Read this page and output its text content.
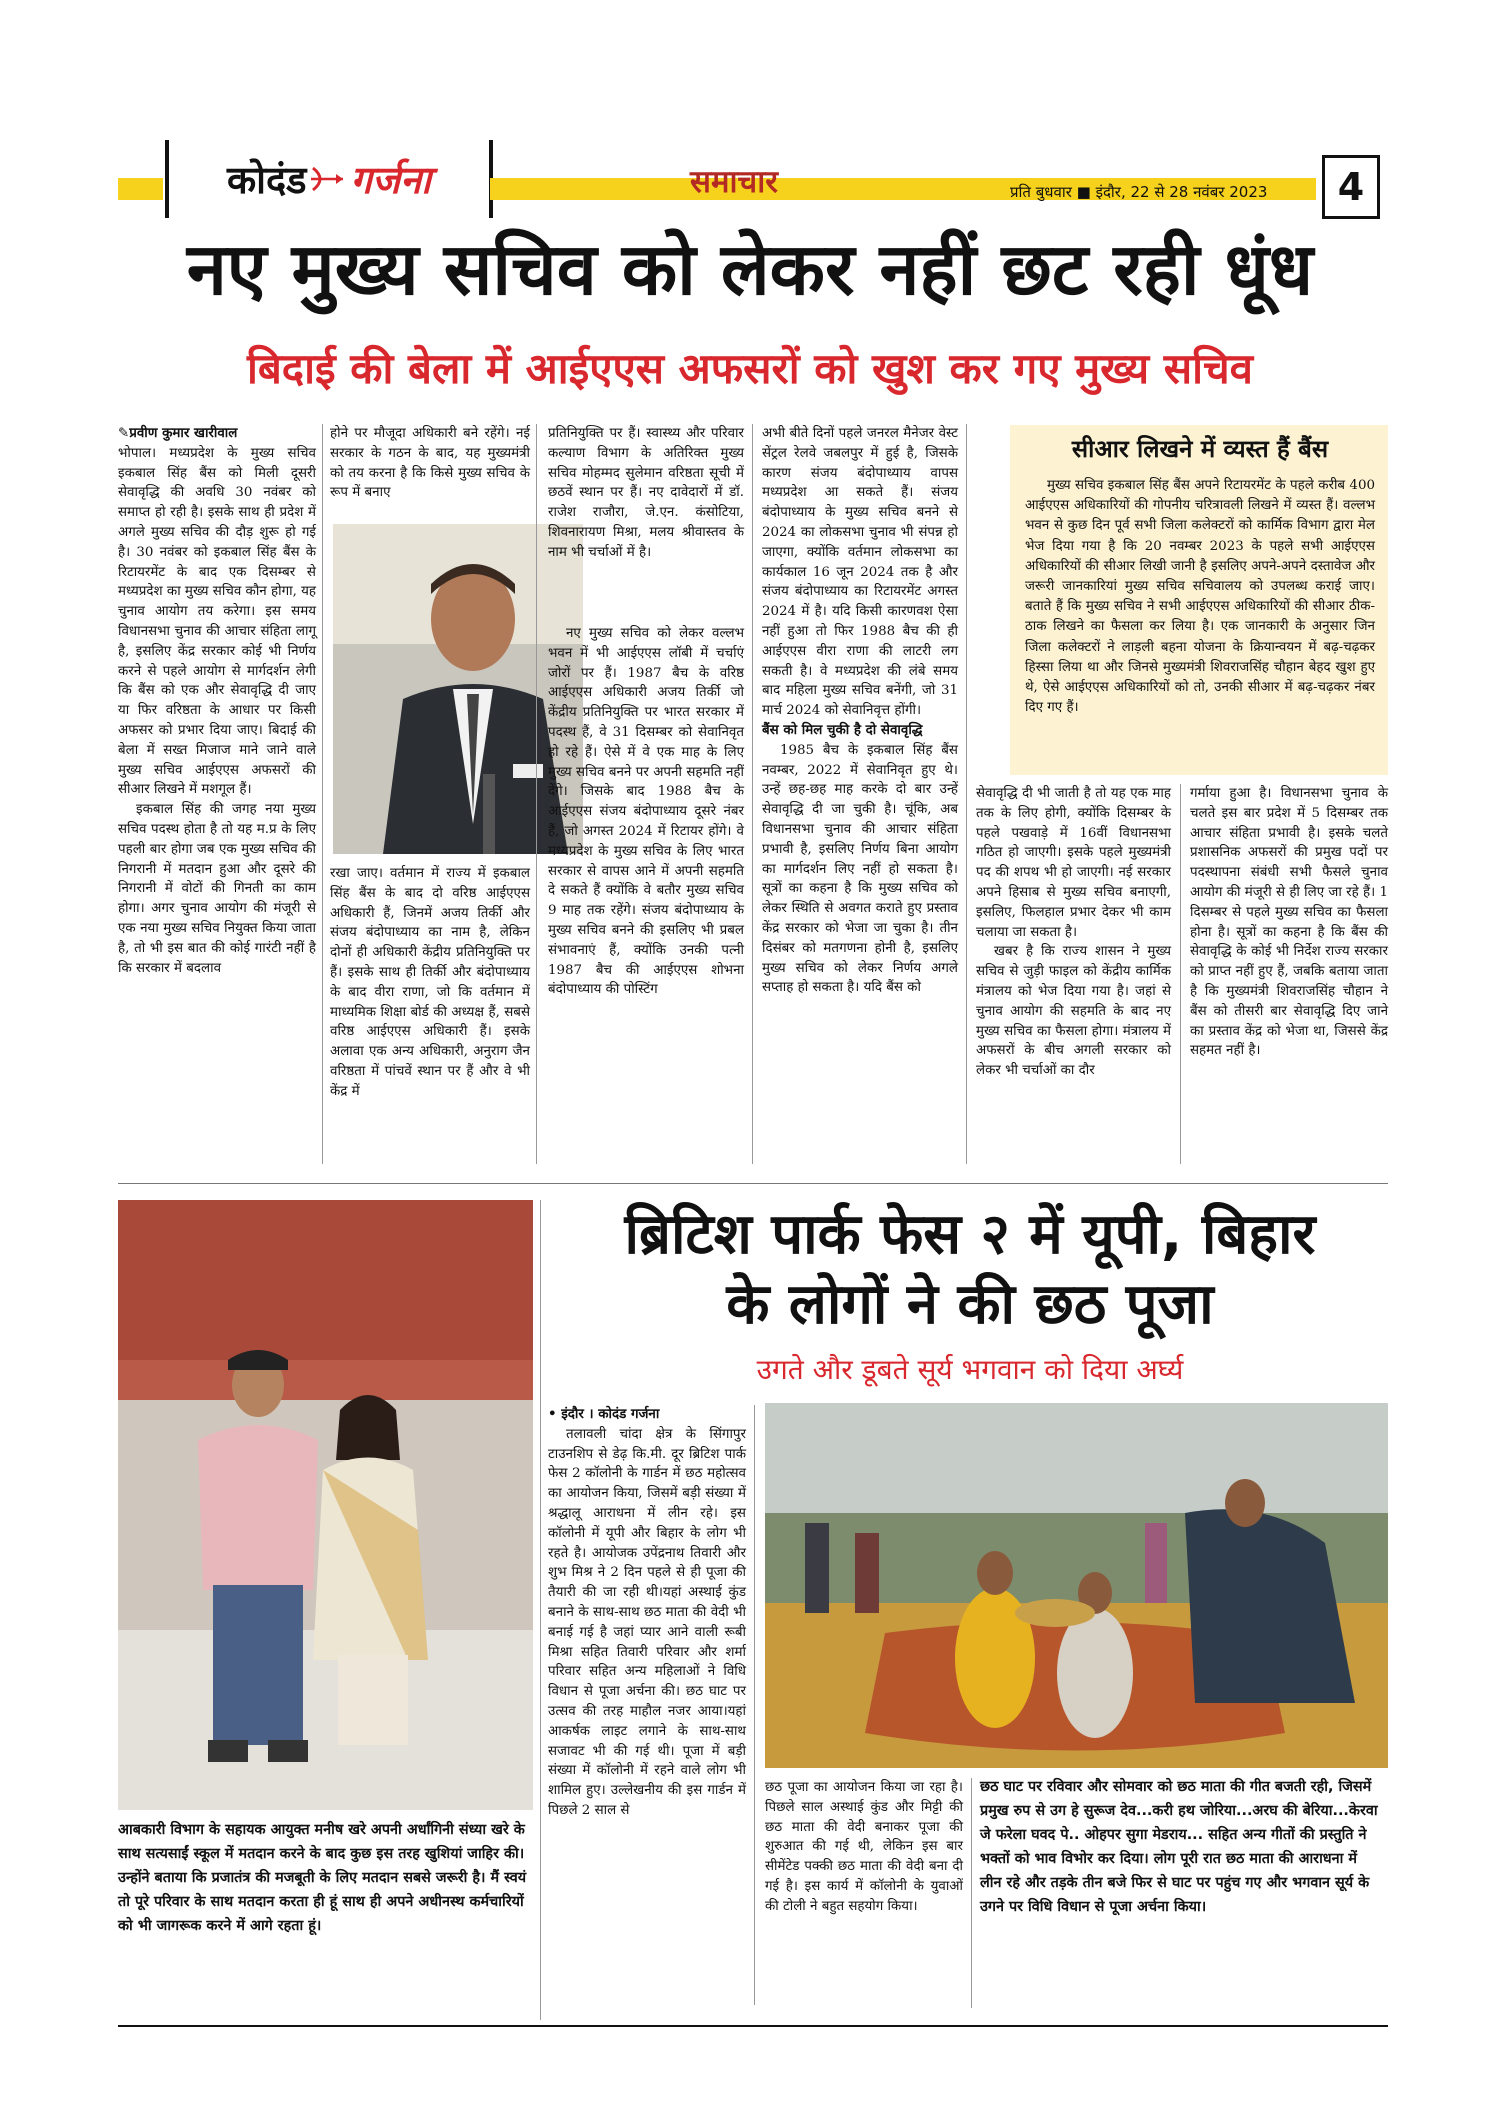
कोदंड गर्जना	समाचार	प्रति बुधवार ■ इंदौर, 22 से 28 नवंबर 2023	4
नए मुख्य सचिव को लेकर नहीं छट रही धूंध
बिदाई की बेला में आईएएस अफसरों को खुश कर गए मुख्य सचिव
✎प्रवीण कुमार खारीवाल

भोपाल। मध्यप्रदेश के मुख्य सचिव इकबाल सिंह बैंस को मिली दूसरी सेवावृद्धि की अवधि 30 नवंबर को समाप्त हो रही है। इसके साथ ही प्रदेश में अगले मुख्य सचिव की दौड़ शुरू हो गई है। 30 नवंबर को इकबाल सिंह बैंस के रिटायरमेंट के बाद एक दिसम्बर से मध्यप्रदेश का मुख्य सचिव कौन होगा, यह चुनाव आयोग तय करेगा। इस समय विधानसभा चुनाव की आचार संहिता लागू है, इसलिए केंद्र सरकार कोई भी निर्णय करने से पहले आयोग से मार्गदर्शन लेगी कि बैंस को एक और सेवावृद्धि दी जाए या फिर वरिष्ठता के आधार पर किसी अफसर को प्रभार दिया जाए। बिदाई की बेला में सख्त मिजाज माने जाने वाले मुख्य सचिव आईएएस अफसरों की सीआर लिखने में मशगूल हैं।

इकबाल सिंह की जगह नया मुख्य सचिव पदस्थ होता है तो यह म.प्र के लिए पहली बार होगा जब एक मुख्य सचिव की निगरानी में मतदान हुआ और दूसरे की निगरानी में वोटों की गिनती का काम होगा। अगर चुनाव आयोग की मंजूरी से एक नया मुख्य सचिव नियुक्त किया जाता है, तो भी इस बात की कोई गारंटी नहीं है कि सरकार में बदलाव

होने पर मौजूदा अधिकारी बने रहेंगे। नई सरकार के गठन के बाद, यह मुख्यमंत्री को तय करना है कि किसे मुख्य सचिव के रूप में बनाए

रखा जाए। वर्तमान में राज्य में इकबाल सिंह बैंस के बाद दो वरिष्ठ आईएएस अधिकारी हैं, जिनमें अजय तिर्की और संजय बंदोपाध्याय का नाम है, लेकिन दोनों ही अधिकारी केंद्रीय प्रतिनियुक्ति पर हैं। इसके साथ ही तिर्की और बंदोपाध्याय के बाद वीरा राणा, जो कि वर्तमान में माध्यमिक शिक्षा बोर्ड की अध्यक्ष हैं, सबसे वरिष्ठ आईएएस अधिकारी हैं। इसके अलावा एक अन्य अधिकारी, अनुराग जैन वरिष्ठता में पांचवें स्थान पर हैं और वे भी केंद्र में

प्रतिनियुक्ति पर हैं। स्वास्थ्य और परिवार कल्याण विभाग के अतिरिक्त मुख्य सचिव मोहम्मद सुलेमान वरिष्ठता सूची में छठवें स्थान पर हैं। नए दावेदारों में डॉ. राजेश राजौरा, जे.एन. कंसोटिया, शिवनारायण मिश्रा, मलय श्रीवास्तव के नाम भी चर्चाओं में है।

नए मुख्य सचिव को लेकर वल्लभ भवन में भी आईएएस लॉबी में चर्चाएं जोरों पर हैं। 1987 बैच के वरिष्ठ आईएएस अधिकारी अजय तिर्की जो केंद्रीय प्रतिनियुक्ति पर भारत सरकार में पदस्थ हैं, वे 31 दिसम्बर को सेवानिवृत हो रहे हैं। ऐसे में वे एक माह के लिए मुख्य सचिव बनने पर अपनी सहमति नहीं देंगे। जिसके बाद 1988 बैच के आईएएस संजय बंदोपाध्याय दूसरे नंबर हैं, जो अगस्त 2024 में रिटायर होंगे। वे मध्यप्रदेश के मुख्य सचिव के लिए भारत सरकार से वापस आने में अपनी सहमति दे सकते हैं क्योंकि वे बतौर मुख्य सचिव 9 माह तक रहेंगे। संजय बंदोपाध्याय के मुख्य सचिव बनने की इसलिए भी प्रबल संभावनाएं हैं, क्योंकि उनकी पत्नी 1987 बैच की आईएएस शोभना बंदोपाध्याय की पोस्टिंग

अभी बीते दिनों पहले जनरल मैनेजर वेस्ट सेंट्रल रेलवे जबलपुर में हुई है, जिसके कारण संजय बंदोपाध्याय वापस मध्यप्रदेश आ सकते हैं। संजय बंदोपाध्याय के मुख्य सचिव बनने से 2024 का लोकसभा चुनाव भी संपन्न हो जाएगा, क्योंकि वर्तमान लोकसभा का कार्यकाल 16 जून 2024 तक है और संजय बंदोपाध्याय का रिटायरमेंट अगस्त 2024 में है। यदि किसी कारणवश ऐसा नहीं हुआ तो फिर 1988 बैच की ही आईएएस वीरा राणा की लाटरी लग सकती है। वे मध्यप्रदेश की लंबे समय बाद महिला मुख्य सचिव बनेंगी, जो 31 मार्च 2024 को सेवानिवृत्त होंगी।

बैंस को मिल चुकी है दो सेवावृद्धि

1985 बैच के इकबाल सिंह बैंस नवम्बर, 2022 में सेवानिवृत हुए थे। उन्हें छह-छह माह करके दो बार उन्हें सेवावृद्धि दी जा चुकी है। चूंकि, अब विधानसभा चुनाव की आचार संहिता प्रभावी है, इसलिए निर्णय बिना आयोग का मार्गदर्शन लिए नहीं हो सकता है। सूत्रों का कहना है कि मुख्य सचिव को लेकर स्थिति से अवगत कराते हुए प्रस्ताव केंद्र सरकार को भेजा जा चुका है। तीन दिसंबर को मतगणना होनी है, इसलिए मुख्य सचिव को लेकर निर्णय अगले सप्ताह हो सकता है। यदि बैंस को

सीआर लिखने में व्यस्त हैं बैंस

मुख्य सचिव इकबाल सिंह बैंस अपने रिटायरमेंट के पहले करीब 400 आईएएस अधिकारियों की गोपनीय चरित्रावली लिखने में व्यस्त हैं। वल्लभ भवन से कुछ दिन पूर्व सभी जिला कलेक्टरों को कार्मिक विभाग द्वारा मेल भेज दिया गया है कि 20 नवम्बर 2023 के पहले सभी आईएएस अधिकारियों की सीआर लिखी जानी है इसलिए अपने-अपने दस्तावेज और जरूरी जानकारियां मुख्य सचिव सचिवालय को उपलब्ध कराई जाए। बताते हैं कि मुख्य सचिव ने सभी आईएएस अधिकारियों की सीआर ठीक-ठाक लिखने का फैसला कर लिया है। एक जानकारी के अनुसार जिन जिला कलेक्टरों ने लाड़ली बहना योजना के क्रियान्वयन में बढ़-चढ़कर हिस्सा लिया था और जिनसे मुख्यमंत्री शिवराजसिंह चौहान बेहद खुश हुए थे, ऐसे आईएएस अधिकारियों को तो, उनकी सीआर में बढ़-चढ़कर नंबर दिए गए हैं।

सेवावृद्धि दी भी जाती है तो यह एक माह तक के लिए होगी, क्योंकि दिसम्बर के पहले पखवाड़े में 16वीं विधानसभा गठित हो जाएगी। इसके पहले मुख्यमंत्री पद की शपथ भी हो जाएगी। नई सरकार अपने हिसाब से मुख्य सचिव बनाएगी, इसलिए, फिलहाल प्रभार देकर भी काम चलाया जा सकता है।

खबर है कि राज्य शासन ने मुख्य सचिव से जुड़ी फाइल को केंद्रीय कार्मिक मंत्रालय को भेज दिया गया है। जहां से चुनाव आयोग की सहमति के बाद नए मुख्य सचिव का फैसला होगा। मंत्रालय में अफसरों के बीच अगली सरकार को लेकर भी चर्चाओं का दौर

गर्माया हुआ है। विधानसभा चुनाव के चलते इस बार प्रदेश में 5 दिसम्बर तक आचार संहिता प्रभावी है। इसके चलते प्रशासनिक अफसरों की प्रमुख पदों पर पदस्थापना संबंधी सभी फैसले चुनाव आयोग की मंजूरी से ही लिए जा रहे हैं। 1 दिसम्बर से पहले मुख्य सचिव का फैसला होना है। सूत्रों का कहना है कि बैंस की सेवावृद्धि के कोई भी निर्देश राज्य सरकार को प्राप्त नहीं हुए हैं, जबकि बताया जाता है कि मुख्यमंत्री शिवराजसिंह चौहान ने बैंस को तीसरी बार सेवावृद्धि दिए जाने का प्रस्ताव केंद्र को भेजा था, जिससे केंद्र सहमत नहीं है।

आबकारी विभाग के सहायक आयुक्त मनीष खरे अपनी अर्धांगिनी संध्या खरे के साथ सत्यसाईं स्कूल में मतदान करने के बाद कुछ इस तरह खुशियां जाहिर की। उन्होंने बताया कि प्रजातंत्र की मजबूती के लिए मतदान सबसे जरूरी है। मैं स्वयं तो पूरे परिवार के साथ मतदान करता ही हूं साथ ही अपने अधीनस्थ कर्मचारियों को भी जागरूक करने में आगे रहता हूं।
ब्रिटिश पार्क फेस २ में यूपी, बिहार
के लोगों ने की छठ पूजा
उगते और डूबते सूर्य भगवान को दिया अर्घ्य
• इंदौर । कोदंड गर्जना

तलावली चांदा क्षेत्र के सिंगापुर टाउनशिप से डेढ़ कि.मी. दूर ब्रिटिश पार्क फेस 2 कॉलोनी के गार्डन में छठ महोत्सव का आयोजन किया, जिसमें बड़ी संख्या में श्रद्धालू आराधना में लीन रहे। इस कॉलोनी में यूपी और बिहार के लोग भी रहते है। आयोजक उपेंद्रनाथ तिवारी और शुभ मिश्र ने 2 दिन पहले से ही पूजा की तैयारी की जा रही थी।यहां अस्थाई कुंड बनाने के साथ-साथ छठ माता की वेदी भी बनाई गई है जहां प्यार आने वाली रूबी मिश्रा सहित तिवारी परिवार और शर्मा परिवार सहित अन्य महिलाओं ने विधि विधान से पूजा अर्चना की। छठ घाट पर उत्सव की तरह माहौल नजर आया।यहां आकर्षक लाइट लगाने के साथ-साथ सजावट भी की गई थी। पूजा में बड़ी संख्या में कॉलोनी में रहने वाले लोग भी शामिल हुए। उल्लेखनीय की इस गार्डन में पिछले 2 साल से

छठ पूजा का आयोजन किया जा रहा है। पिछले साल अस्थाई कुंड और मिट्टी की छठ माता की वेदी बनाकर पूजा की शुरुआत की गई थी, लेकिन इस बार सीमेंटेड पक्की छठ माता की वेदी बना दी गई है। इस कार्य में कॉलोनी के युवाओं की टोली ने बहुत सहयोग किया।

छठ घाट पर रविवार और सोमवार को छठ माता की गीत बजती रही, जिसमें प्रमुख रुप से उग हे सुरूज देव...करी हथ जोरिया...अरघ की बेरिया...केरवा जे फरेला घवद पे.. ओहपर सुगा मेडराय... सहित अन्य गीतों की प्रस्तुति ने भक्तों को भाव विभोर कर दिया। लोग पूरी रात छठ माता की आराधना में लीन रहे और तड़के तीन बजे फिर से घाट पर पहुंच गए और भगवान सूर्य के उगने पर विधि विधान से पूजा अर्चना किया।
